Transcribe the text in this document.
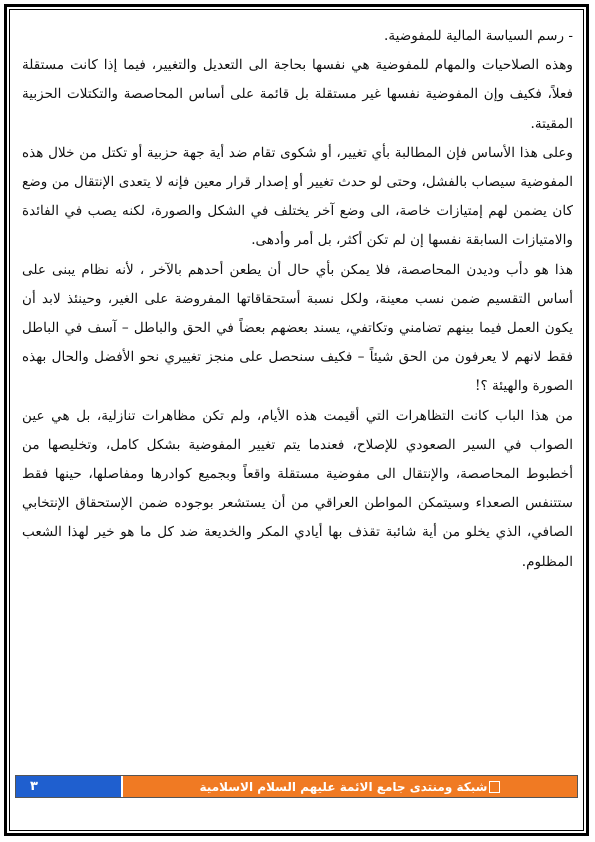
- رسم السياسة المالية للمفوضية.

وهذه الصلاحيات والمهام للمفوضية هي نفسها بحاجة الى التعديل والتغيير، فيما إذا كانت مستقلة فعلاً، فكيف وإن المفوضية نفسها غير مستقلة بل قائمة على أساس المحاصصة والتكتلات الحزبية المقيتة.

وعلى هذا الأساس فإن المطالبة بأي تغيير، أو شكوى تقام ضد أية جهة حزبية أو تكتل من خلال هذه المفوضية سيصاب بالفشل، وحتى لو حدث تغيير أو إصدار قرار معين فإنه لا يتعدى الإنتقال من وضع كان يضمن لهم إمتيازات خاصة، الى وضع آخر يختلف في الشكل والصورة، لكنه يصب في الفائدة والامتيازات السابقة نفسها إن لم تكن أكثر، بل أمر وأدهى.

هذا هو دأب وديدن المحاصصة، فلا يمكن بأي حال أن يطعن أحدهم بالآخر ، لأنه نظام يبنى على أساس التقسيم ضمن نسب معينة، ولكل نسبة أستحقاقاتها المفروضة على الغير، وحينئذ لابد أن يكون العمل فيما بينهم تضامني وتكاتفي، يسند بعضهم بعضاً في الحق والباطل – آسف في الباطل فقط لانهم لا يعرفون من الحق شيئاً – فكيف سنحصل على منجز تغييري نحو الأفضل والحال بهذه الصورة والهيئة ؟!

من هذا الباب كانت التظاهرات التي أقيمت هذه الأيام، ولم تكن مظاهرات تنازلية، بل هي عين الصواب في السير الصعودي للإصلاح، فعندما يتم تغيير المفوضية بشكل كامل، وتخليصها من أخطبوط المحاصصة، والإنتقال الى مفوضية مستقلة واقعاً وبجميع كوادرها ومفاصلها، حينها فقط ستتنفس الصعداء وسيتمكن المواطن العراقي من أن يستشعر بوجوده ضمن الإستحقاق الإنتخابي الصافي، الذي يخلو من أية شائبة تقذف بها أيادي المكر والخديعة ضد كل ما هو خير لهذا الشعب المظلوم.

٣	شبكة ومنتدى جامع الائمة عليهم السلام الاسلامية
